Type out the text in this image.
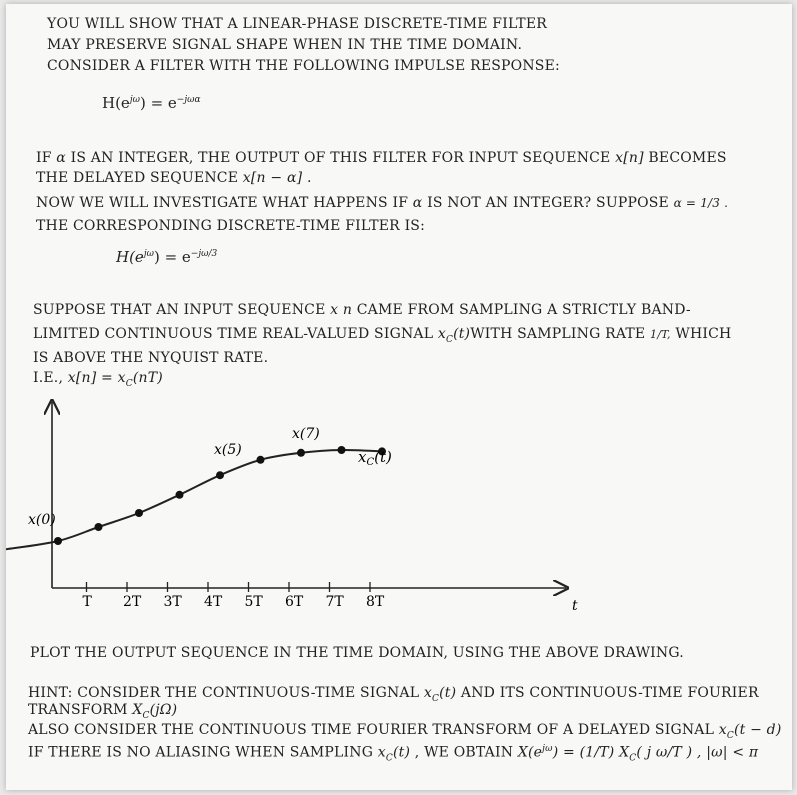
YOU WILL SHOW THAT A LINEAR-PHASE DISCRETE-TIME FILTER
MAY PRESERVE SIGNAL SHAPE WHEN IN THE TIME DOMAIN.
CONSIDER A FILTER WITH THE FOLLOWING IMPULSE RESPONSE:
$H(e^{j\omega}) = e^{-j\omega\alpha}$
IF α IS AN INTEGER, THE OUTPUT OF THIS FILTER FOR INPUT SEQUENCE x[n] BECOMES
THE DELAYED SEQUENCE x[n − α] .
NOW WE WILL INVESTIGATE WHAT HAPPENS IF α IS NOT AN INTEGER? SUPPOSE α = 1/3 .
THE CORRESPONDING DISCRETE-TIME FILTER IS:
$H(e^{j\omega}) = e^{-j\omega/3}$
SUPPOSE THAT AN INPUT SEQUENCE x n CAME FROM SAMPLING A STRICTLY BAND-
LIMITED CONTINUOUS TIME REAL-VALUED SIGNAL $x_C(t)WITH$ SAMPLING RATE 1/T, WHICH
IS ABOVE THE NYQUIST RATE.
I.E., $x[n] = x_C(nT)$
T 2T 3T 4T 5T 6T 7T 8T
x(0)
x(5)
x(7)
$x_C(t)$
t
PLOT THE OUTPUT SEQUENCE IN THE TIME DOMAIN, USING THE ABOVE DRAWING.
HINT: CONSIDER THE CONTINUOUS-TIME SIGNAL $x_C(t)$ AND ITS CONTINUOUS-TIME FOURIER
TRANSFORM $X_C(j\Omega)$
ALSO CONSIDER THE CONTINUOUS TIME FOURIER TRANSFORM OF A DELAYED SIGNAL $x_C(t - d)$
IF THERE IS NO ALIASING WHEN SAMPLING $x_C(t)$ , WE OBTAIN $X(e^{j\omega}) = (1/T)$ $X_C$( j ω/T ) , |ω| < π
